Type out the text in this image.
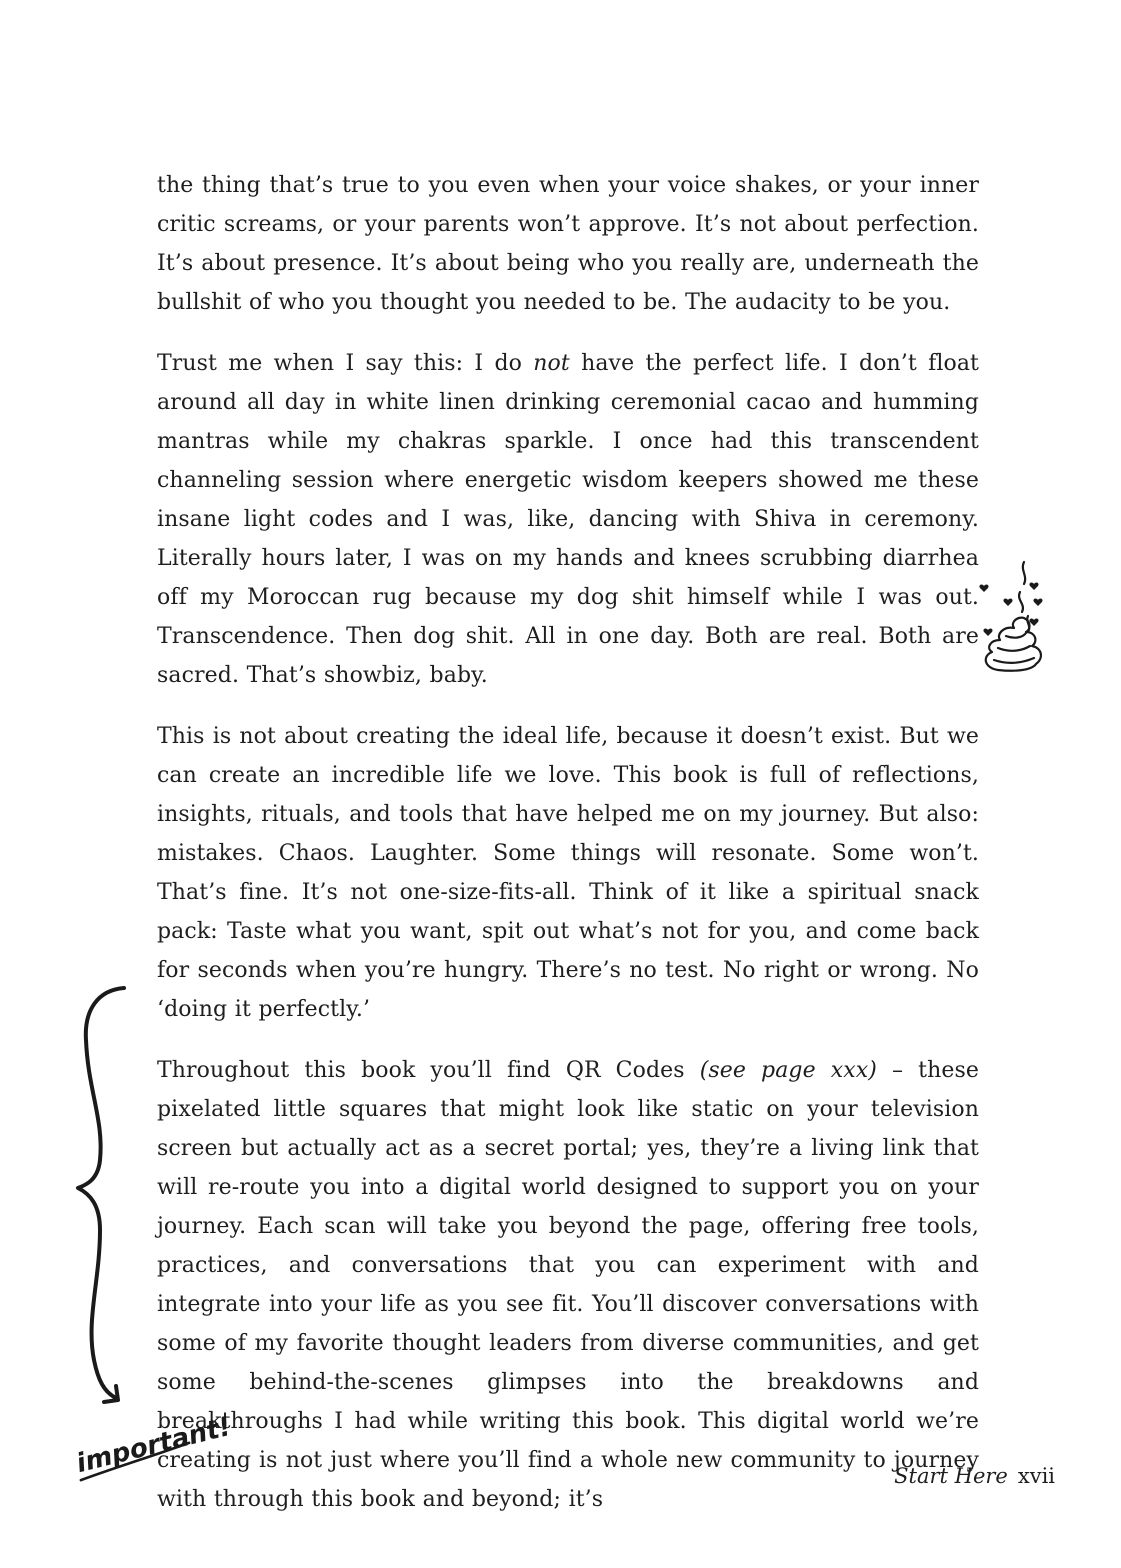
the thing that’s true to you even when your voice shakes, or your inner critic screams, or your parents won’t approve. It’s not about perfection. It’s about presence. It’s about being who you really are, underneath the bullshit of who you thought you needed to be. The audacity to be you.

Trust me when I say this: I do not have the perfect life. I don’t float around all day in white linen drinking ceremonial cacao and humming mantras while my chakras sparkle. I once had this transcendent channeling session where energetic wisdom keepers showed me these insane light codes and I was, like, dancing with Shiva in ceremony. Literally hours later, I was on my hands and knees scrubbing diarrhea off my Moroccan rug because my dog shit himself while I was out. Transcendence. Then dog shit. All in one day. Both are real. Both are sacred. That’s showbiz, baby.

This is not about creating the ideal life, because it doesn’t exist. But we can create an incredible life we love. This book is full of reflections, insights, rituals, and tools that have helped me on my journey. But also: mistakes. Chaos. Laughter. Some things will resonate. Some won’t. That’s fine. It’s not one-size-fits-all. Think of it like a spiritual snack pack: Taste what you want, spit out what’s not for you, and come back for seconds when you’re hungry. There’s no test. No right or wrong. No ‘doing it perfectly.’

Throughout this book you’ll find QR Codes (see page xxx) – these pixelated little squares that might look like static on your television screen but actually act as a secret portal; yes, they’re a living link that will re-route you into a digital world designed to support you on your journey. Each scan will take you beyond the page, offering free tools, practices, and conversations that you can experiment with and integrate into your life as you see fit. You’ll discover conversations with some of my favorite thought leaders from diverse communities, and get some behind-the-scenes glimpses into the breakdowns and breakthroughs I had while writing this book. This digital world we’re creating is not just where you’ll find a whole new community to journey with through this book and beyond; it’s

important!	Start Here xvii
